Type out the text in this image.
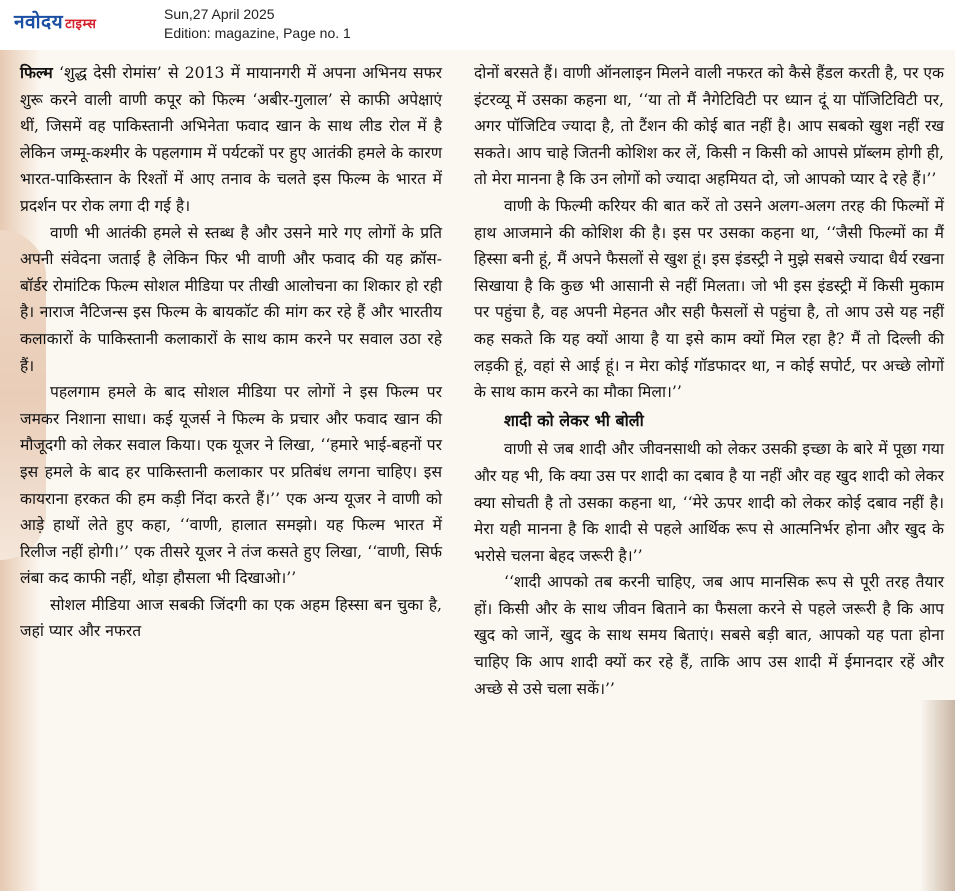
नवोदय टाइम्स
Sun,27 April 2025
Edition: magazine, Page no. 1

फिल्म ‘शुद्ध देसी रोमांस’ से 2013 में मायानगरी में अपना अभिनय सफर शुरू करने वाली वाणी कपूर को फिल्म ‘अबीर-गुलाल’ से काफी अपेक्षाएं थीं, जिसमें वह पाकिस्तानी अभिनेता फवाद खान के साथ लीड रोल में है लेकिन जम्मू-कश्मीर के पहलगाम में पर्यटकों पर हुए आतंकी हमले के कारण भारत-पाकिस्तान के रिश्तों में आए तनाव के चलते इस फिल्म के भारत में प्रदर्शन पर रोक लगा दी गई है।

वाणी भी आतंकी हमले से स्तब्ध है और उसने मारे गए लोगों के प्रति अपनी संवेदना जताई है लेकिन फिर भी वाणी और फवाद की यह क्रॉस-बॉर्डर रोमांटिक फिल्म सोशल मीडिया पर तीखी आलोचना का शिकार हो रही है। नाराज नैटिजन्स इस फिल्म के बायकॉट की मांग कर रहे हैं और भारतीय कलाकारों के पाकिस्तानी कलाकारों के साथ काम करने पर सवाल उठा रहे हैं।

पहलगाम हमले के बाद सोशल मीडिया पर लोगों ने इस फिल्म पर जमकर निशाना साधा। कई यूजर्स ने फिल्म के प्रचार और फवाद खान की मौजूदगी को लेकर सवाल किया। एक यूजर ने लिखा, ‘‘हमारे भाई-बहनों पर इस हमले के बाद हर पाकिस्तानी कलाकार पर प्रतिबंध लगना चाहिए। इस कायराना हरकत की हम कड़ी निंदा करते हैं।’’ एक अन्य यूजर ने वाणी को आड़े हाथों लेते हुए कहा, ‘‘वाणी, हालात समझो। यह फिल्म भारत में रिलीज नहीं होगी।’’ एक तीसरे यूजर ने तंज कसते हुए लिखा, ‘‘वाणी, सिर्फ लंबा कद काफी नहीं, थोड़ा हौसला भी दिखाओ।’’

सोशल मीडिया आज सबकी जिंदगी का एक अहम हिस्सा बन चुका है, जहां प्यार और नफरत

दोनों बरसते हैं। वाणी ऑनलाइन मिलने वाली नफरत को कैसे हैंडल करती है, पर एक इंटरव्यू में उसका कहना था, ‘‘या तो मैं नैगेटिविटी पर ध्यान दूं या पॉजिटिविटी पर, अगर पॉजिटिव ज्यादा है, तो टैंशन की कोई बात नहीं है। आप सबको खुश नहीं रख सकते। आप चाहे जितनी कोशिश कर लें, किसी न किसी को आपसे प्रॉब्लम होगी ही, तो मेरा मानना है कि उन लोगों को ज्यादा अहमियत दो, जो आपको प्यार दे रहे हैं।’’

वाणी के फिल्मी करियर की बात करें तो उसने अलग-अलग तरह की फिल्मों में हाथ आजमाने की कोशिश की है। इस पर उसका कहना था, ‘‘जैसी फिल्मों का मैं हिस्सा बनी हूं, मैं अपने फैसलों से खुश हूं। इस इंडस्ट्री ने मुझे सबसे ज्यादा धैर्य रखना सिखाया है कि कुछ भी आसानी से नहीं मिलता। जो भी इस इंडस्ट्री में किसी मुकाम पर पहुंचा है, वह अपनी मेहनत और सही फैसलों से पहुंचा है, तो आप उसे यह नहीं कह सकते कि यह क्यों आया है या इसे काम क्यों मिल रहा है? मैं तो दिल्ली की लड़की हूं, वहां से आई हूं। न मेरा कोई गॉडफादर था, न कोई सपोर्ट, पर अच्छे लोगों के साथ काम करने का मौका मिला।’’

शादी को लेकर भी बोली

वाणी से जब शादी और जीवनसाथी को लेकर उसकी इच्छा के बारे में पूछा गया और यह भी, कि क्या उस पर शादी का दबाव है या नहीं और वह खुद शादी को लेकर क्या सोचती है तो उसका कहना था, ‘‘मेरे ऊपर शादी को लेकर कोई दबाव नहीं है। मेरा यही मानना है कि शादी से पहले आर्थिक रूप से आत्मनिर्भर होना और खुद के भरोसे चलना बेहद जरूरी है।’’

‘‘शादी आपको तब करनी चाहिए, जब आप मानसिक रूप से पूरी तरह तैयार हों। किसी और के साथ जीवन बिताने का फैसला करने से पहले जरूरी है कि आप खुद को जानें, खुद के साथ समय बिताएं। सबसे बड़ी बात, आपको यह पता होना चाहिए कि आप शादी क्यों कर रहे हैं, ताकि आप उस शादी में ईमानदार रहें और अच्छे से उसे चला सकें।’’
